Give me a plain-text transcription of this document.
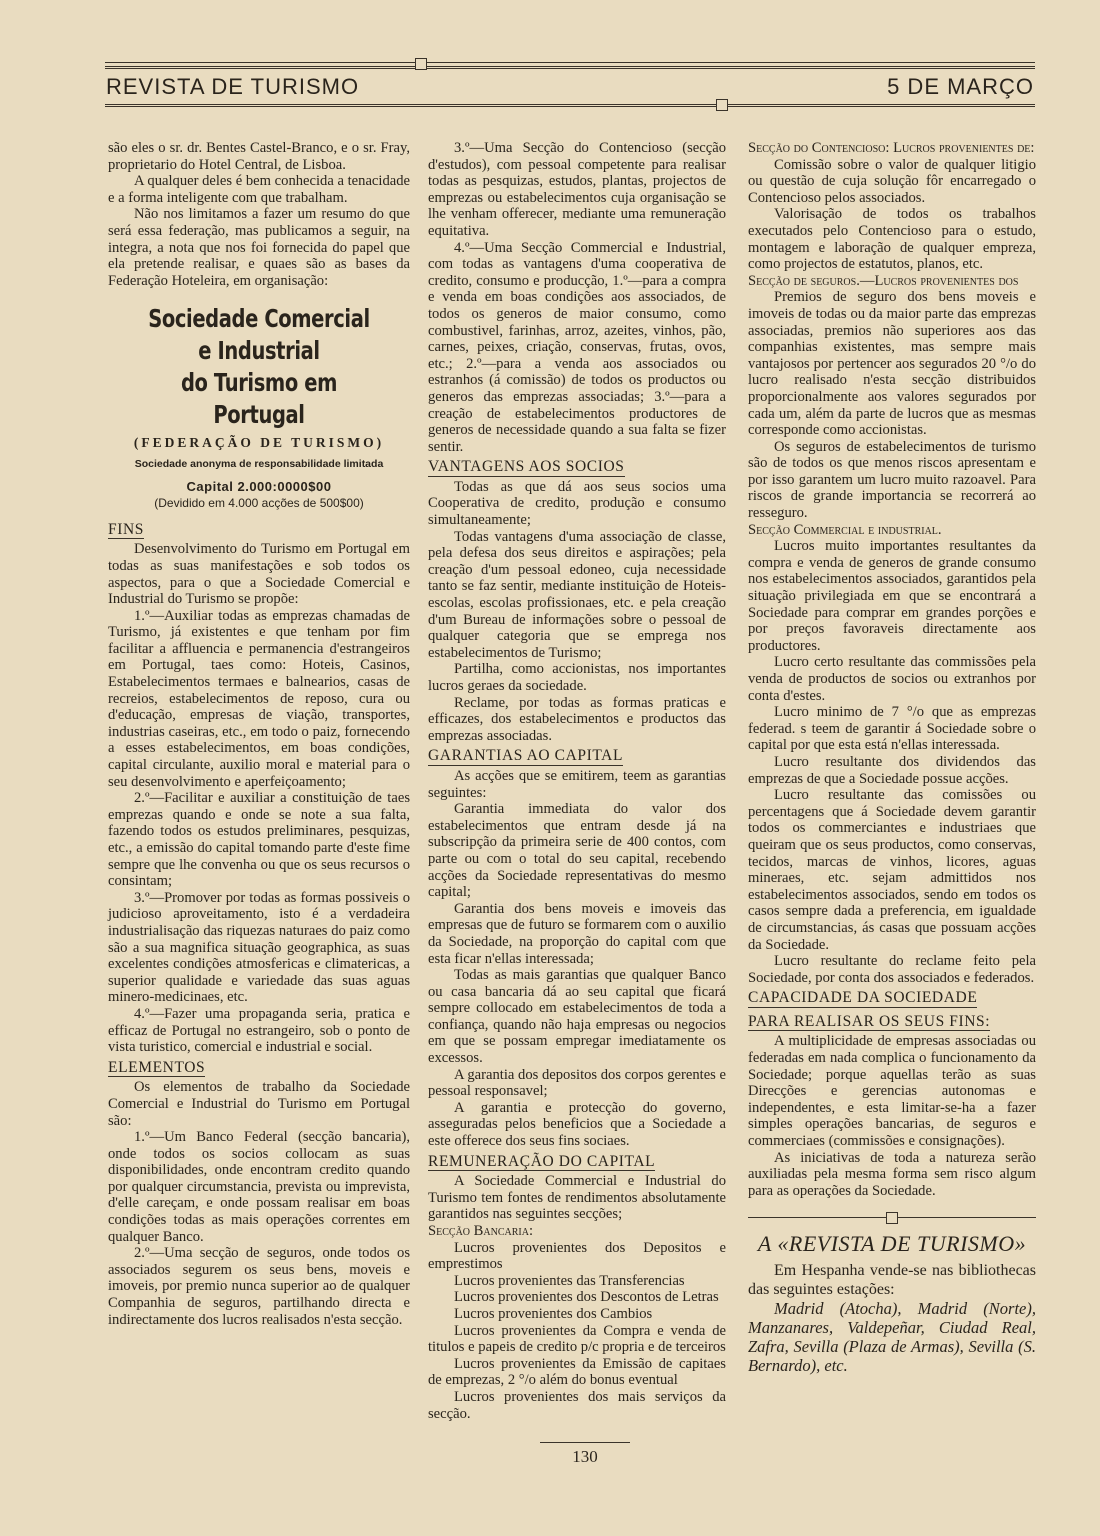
REVISTA DE TURISMO	5 DE MARÇO

são eles o sr. dr. Bentes Castel-Branco, e o sr. Fray, proprietario do Hotel Central, de Lisboa.

A qualquer deles é bem conhecida a tenacidade e a forma inteligente com que trabalham.

Não nos limitamos a fazer um resumo do que será essa federação, mas publicamos a seguir, na integra, a nota que nos foi fornecida do papel que ela pretende realisar, e quaes são as bases da Federação Hoteleira, em organisação:

Sociedade Comercial e Industrial
do Turismo em Portugal
(FEDERAÇÃO DE TURISMO)
Sociedade anonyma de responsabilidade limitada
Capital 2.000:0000$00
(Devidido em 4.000 acções de 500$00)
FINS

Desenvolvimento do Turismo em Portugal em todas as suas manifestações e sob todos os aspectos, para o que a Sociedade Comercial e Industrial do Turismo se propõe:

1.º—Auxiliar todas as emprezas chamadas de Turismo, já existentes e que tenham por fim facilitar a affluencia e permanencia d'estrangeiros em Portugal, taes como: Hoteis, Casinos, Estabelecimentos termaes e balnearios, casas de recreios, estabelecimentos de reposo, cura ou d'educação, empresas de viação, transportes, industrias caseiras, etc., em todo o paiz, fornecendo a esses estabelecimentos, em boas condições, capital circulante, auxilio moral e material para o seu desenvolvimento e aperfeiçoamento;

2.º—Facilitar e auxiliar a constituição de taes emprezas quando e onde se note a sua falta, fazendo todos os estudos preliminares, pesquizas, etc., a emissão do capital tomando parte d'este fime sempre que lhe convenha ou que os seus recursos o consintam;

3.º—Promover por todas as formas possiveis o judicioso aproveitamento, isto é a verdadeira industrialisação das riquezas naturaes do paiz como são a sua magnifica situação geographica, as suas excelentes condições atmosfericas e climatericas, a superior qualidade e variedade das suas aguas minero-medicinaes, etc.

4.º—Fazer uma propaganda seria, pratica e efficaz de Portugal no estrangeiro, sob o ponto de vista turistico, comercial e industrial e social.

ELEMENTOS

Os elementos de trabalho da Sociedade Comercial e Industrial do Turismo em Portugal são:

1.º—Um Banco Federal (secção bancaria), onde todos os socios collocam as suas disponibilidades, onde encontram credito quando por qualquer circumstancia, prevista ou imprevista, d'elle careçam, e onde possam realisar em boas condições todas as mais operações correntes em qualquer Banco.

2.º—Uma secção de seguros, onde todos os associados segurem os seus bens, moveis e imoveis, por premio nunca superior ao de qualquer Companhia de seguros, partilhando directa e indirectamente dos lucros realisados n'esta secção.

3.º—Uma Secção do Contencioso (secção d'estudos), com pessoal competente para realisar todas as pesquizas, estudos, plantas, projectos de emprezas ou estabelecimentos cuja organisação se lhe venham offerecer, mediante uma remuneração equitativa.

4.º—Uma Secção Commercial e Industrial, com todas as vantagens d'uma cooperativa de credito, consumo e producção, 1.º—para a compra e venda em boas condições aos associados, de todos os generos de maior consumo, como combustivel, farinhas, arroz, azeites, vinhos, pão, carnes, peixes, criação, conservas, frutas, ovos, etc.; 2.º—para a venda aos associados ou estranhos (á comissão) de todos os productos ou generos das emprezas associadas; 3.º—para a creação de estabelecimentos productores de generos de necessidade quando a sua falta se fizer sentir.

VANTAGENS AOS SOCIOS

Todas as que dá aos seus socios uma Cooperativa de credito, produção e consumo simultaneamente;

Todas vantagens d'uma associação de classe, pela defesa dos seus direitos e aspirações; pela creação d'um pessoal edoneo, cuja necessidade tanto se faz sentir, mediante instituição de Hoteis-escolas, escolas profissionaes, etc. e pela creação d'um Bureau de informações sobre o pessoal de qualquer categoria que se emprega nos estabelecimentos de Turismo;

Partilha, como accionistas, nos importantes lucros geraes da sociedade.

Reclame, por todas as formas praticas e efficazes, dos estabelecimentos e productos das emprezas associadas.

GARANTIAS AO CAPITAL

As acções que se emitirem, teem as garantias seguintes:

Garantia immediata do valor dos estabelecimentos que entram desde já na subscripção da primeira serie de 400 contos, com parte ou com o total do seu capital, recebendo acções da Sociedade representativas do mesmo capital;

Garantia dos bens moveis e imoveis das empresas que de futuro se formarem com o auxilio da Sociedade, na proporção do capital com que esta ficar n'ellas interessada;

Todas as mais garantias que qualquer Banco ou casa bancaria dá ao seu capital que ficará sempre collocado em estabelecimentos de toda a confiança, quando não haja empresas ou negocios em que se possam empregar imediatamente os excessos.

A garantia dos depositos dos corpos gerentes e pessoal responsavel;

A garantia e protecção do governo, asseguradas pelos beneficios que a Sociedade a este offerece dos seus fins sociaes.

REMUNERAÇÃO DO CAPITAL

A Sociedade Commercial e Industrial do Turismo tem fontes de rendimentos absolutamente garantidos nas seguintes secções;

Secção Bancaria:

Lucros provenientes dos Depositos e emprestimos

Lucros provenientes das Transferencias

Lucros provenientes dos Descontos de Letras

Lucros provenientes dos Cambios

Lucros provenientes da Compra e venda de titulos e papeis de credito p/c propria e de terceiros

Lucros provenientes da Emissão de capitaes de emprezas, 2 °/o além do bonus eventual

Lucros provenientes dos mais serviços da secção.

Secção do Contencioso: Lucros provenientes de:

Comissão sobre o valor de qualquer litigio ou questão de cuja solução fôr encarregado o Contencioso pelos associados.

Valorisação de todos os trabalhos executados pelo Contencioso para o estudo, montagem e laboração de qualquer empreza, como projectos de estatutos, planos, etc.

Secção de seguros.—Lucros provenientes dos

Premios de seguro dos bens moveis e imoveis de todas ou da maior parte das emprezas associadas, premios não superiores aos das companhias existentes, mas sempre mais vantajosos por pertencer aos segurados 20 °/o do lucro realisado n'esta secção distribuidos proporcionalmente aos valores segurados por cada um, além da parte de lucros que as mesmas corresponde como accionistas.

Os seguros de estabelecimentos de turismo são de todos os que menos riscos apresentam e por isso garantem um lucro muito razoavel. Para riscos de grande importancia se recorrerá ao resseguro.

Secção Commercial e industrial.

Lucros muito importantes resultantes da compra e venda de generos de grande consumo nos estabelecimentos associados, garantidos pela situação privilegiada em que se encontrará a Sociedade para comprar em grandes porções e por preços favoraveis directamente aos productores.

Lucro certo resultante das commissões pela venda de productos de socios ou extranhos por conta d'estes.

Lucro minimo de 7 °/o que as emprezas federad. s teem de garantir á Sociedade sobre o capital por que esta está n'ellas interessada.

Lucro resultante dos dividendos das emprezas de que a Sociedade possue acções.

Lucro resultante das comissões ou percentagens que á Sociedade devem garantir todos os commerciantes e industriaes que queiram que os seus productos, como conservas, tecidos, marcas de vinhos, licores, aguas mineraes, etc. sejam admittidos nos estabelecimentos associados, sendo em todos os casos sempre dada a preferencia, em igualdade de circumstancias, ás casas que possuam acções da Sociedade.

Lucro resultante do reclame feito pela Sociedade, por conta dos associados e federados.

CAPACIDADE DA SOCIEDADE PARA REALISAR OS SEUS FINS:

A multiplicidade de empresas associadas ou federadas em nada complica o funcionamento da Sociedade; porque aquellas terão as suas Direcções e gerencias autonomas e independentes, e esta limitar-se-ha a fazer simples operações bancarias, de seguros e commerciaes (commissões e consignações).

As iniciativas de toda a natureza serão auxiliadas pela mesma forma sem risco algum para as operações da Sociedade.

A «REVISTA DE TURISMO»

Em Hespanha vende-se nas bibliothecas das seguintes estações:

Madrid (Atocha), Madrid (Norte), Manzanares, Valdepeñar, Ciudad Real, Zafra, Sevilla (Plaza de Armas), Sevilla (S. Bernardo), etc.

130
